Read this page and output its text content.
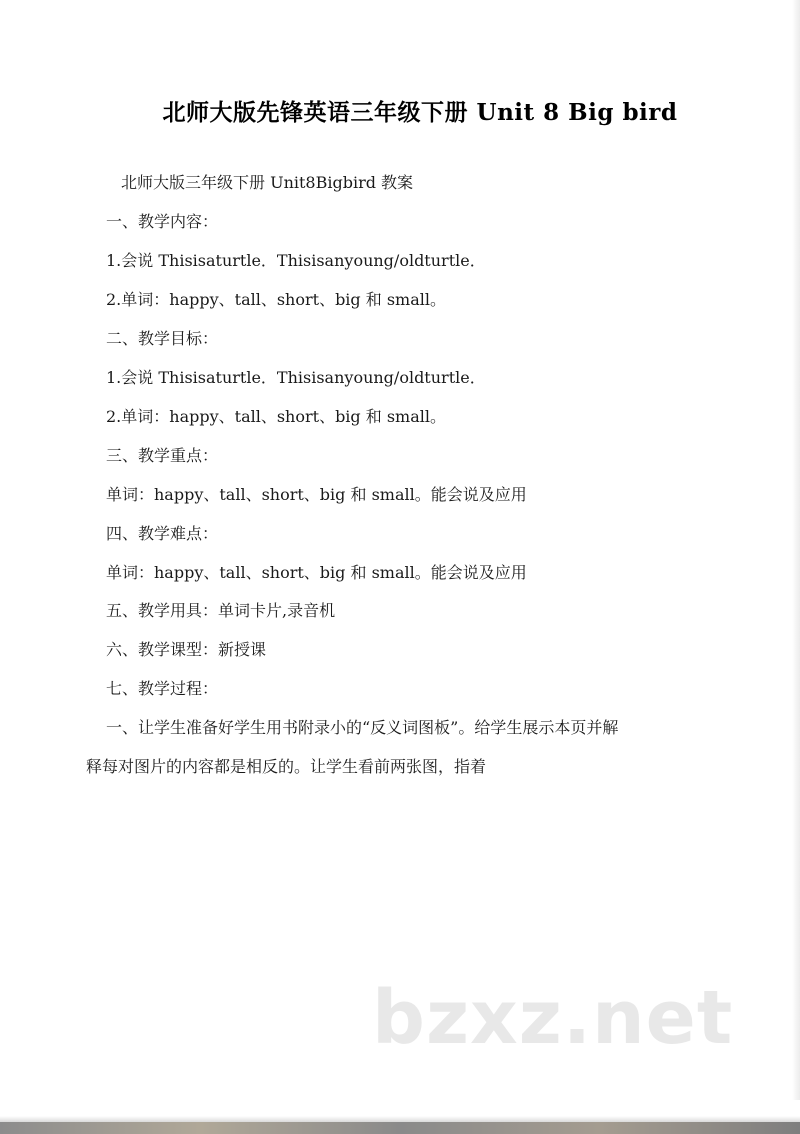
北师大版先锋英语三年级下册 Unit 8 Big bird
北师大版三年级下册 Unit8Bigbird 教案
一、教学内容：
1.会说 Thisisaturtle．Thisisanyoung/oldturtle．
2.单词：happy、tall、short、big 和 small。
二、教学目标：
1.会说 Thisisaturtle．Thisisanyoung/oldturtle．
2.单词：happy、tall、short、big 和 small。
三、教学重点：
单词：happy、tall、short、big 和 small。能会说及应用
四、教学难点：
单词：happy、tall、short、big 和 small。能会说及应用
五、教学用具：单词卡片,录音机
六、教学课型：新授课
七、教学过程：
一、让学生准备好学生用书附录小的“反义词图板”。给学生展示本页并解
释每对图片的内容都是相反的。让学生看前两张图，指着
bzxz.net
